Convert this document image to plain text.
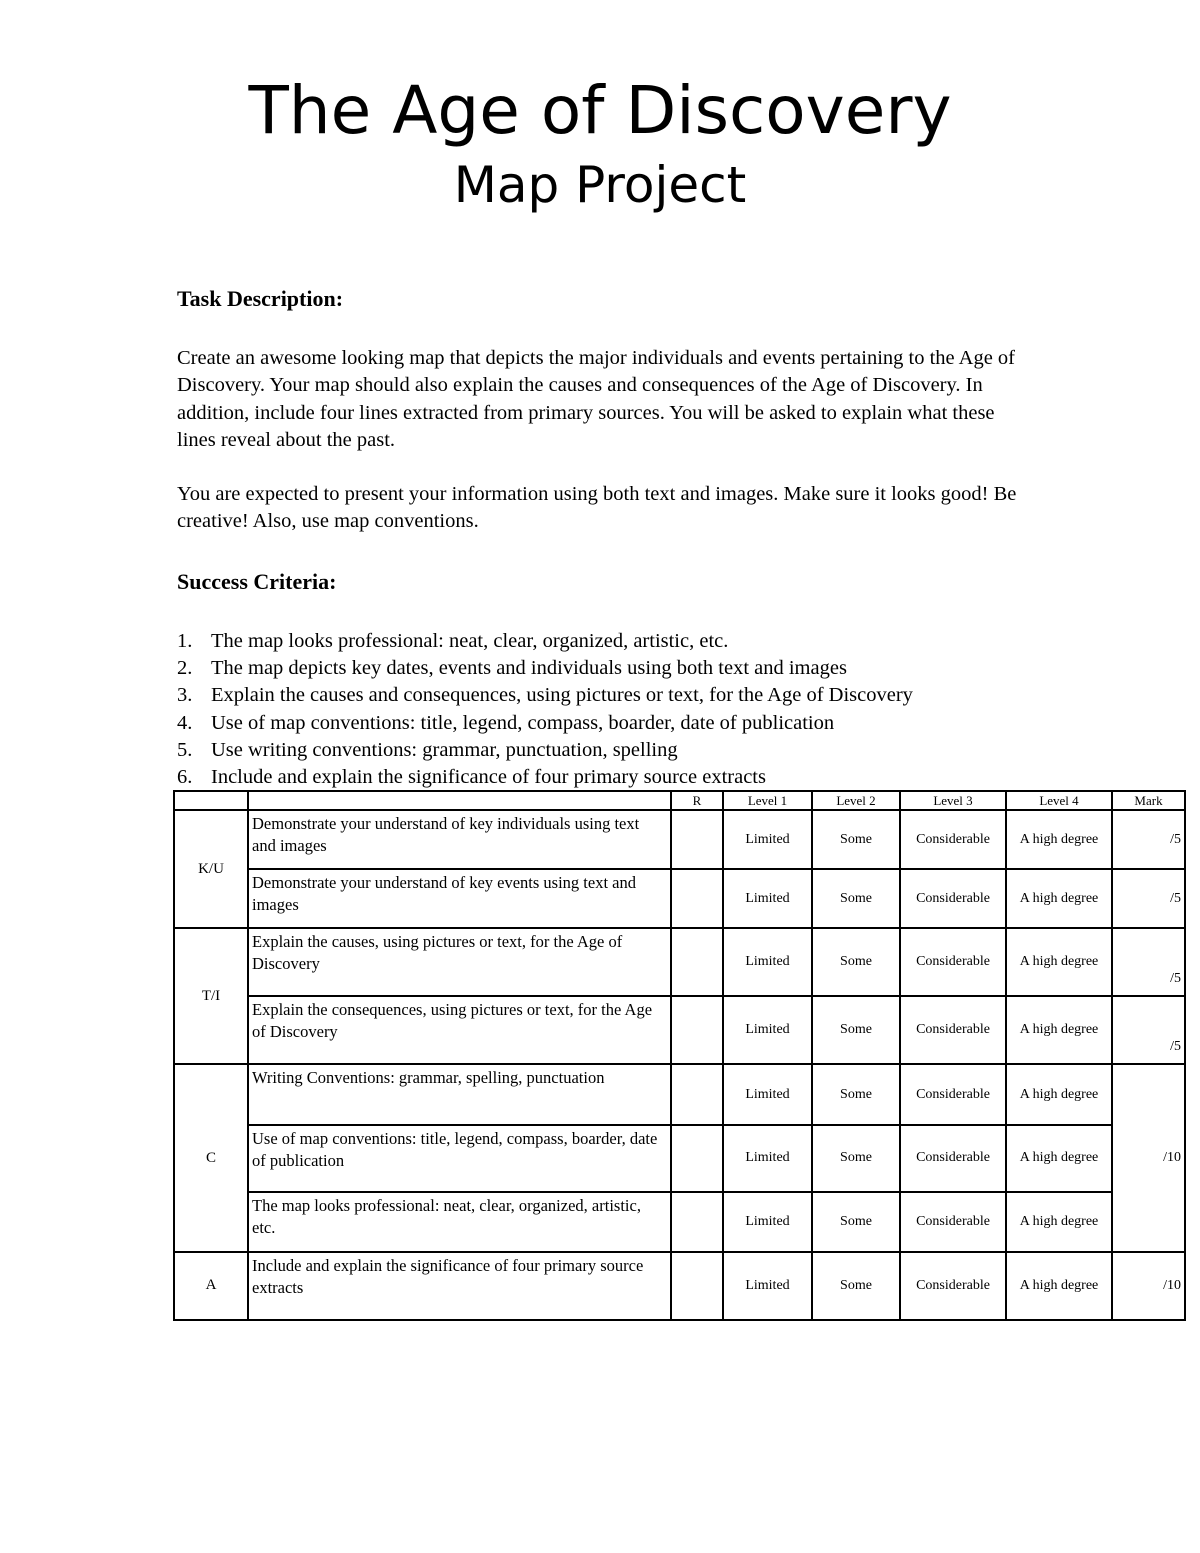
The Age of Discovery
Map Project
Task Description:

Create an awesome looking map that depicts the major individuals and events pertaining to the Age of Discovery. Your map should also explain the causes and consequences of the Age of Discovery. In addition, include four lines extracted from primary sources. You will be asked to explain what these lines reveal about the past.

You are expected to present your information using both text and images. Make sure it looks good! Be creative! Also, use map conventions.

Success Criteria:
1. The map looks professional: neat, clear, organized, artistic, etc.
2. The map depicts key dates, events and individuals using both text and images
3. Explain the causes and consequences, using pictures or text, for the Age of Discovery
4. Use of map conventions: title, legend, compass, boarder, date of publication
5. Use writing conventions: grammar, punctuation, spelling
6. Include and explain the significance of four primary source extracts
		R	Level 1	Level 2	Level 3	Level 4	Mark
K/U	Demonstrate your understand of key individuals using text and images		Limited	Some	Considerable	A high degree	/5
	Demonstrate your understand of key events using text and images		Limited	Some	Considerable	A high degree	/5
T/I	Explain the causes, using pictures or text, for the Age of Discovery		Limited	Some	Considerable	A high degree	/5
	Explain the consequences, using pictures or text, for the Age of Discovery		Limited	Some	Considerable	A high degree	/5
C	Writing Conventions: grammar, spelling, punctuation		Limited	Some	Considerable	A high degree	/10
	Use of map conventions: title, legend, compass, boarder, date of publication		Limited	Some	Considerable	A high degree	
	The map looks professional: neat, clear, organized, artistic, etc.		Limited	Some	Considerable	A high degree	
A	Include and explain the significance of four primary source extracts		Limited	Some	Considerable	A high degree	/10
